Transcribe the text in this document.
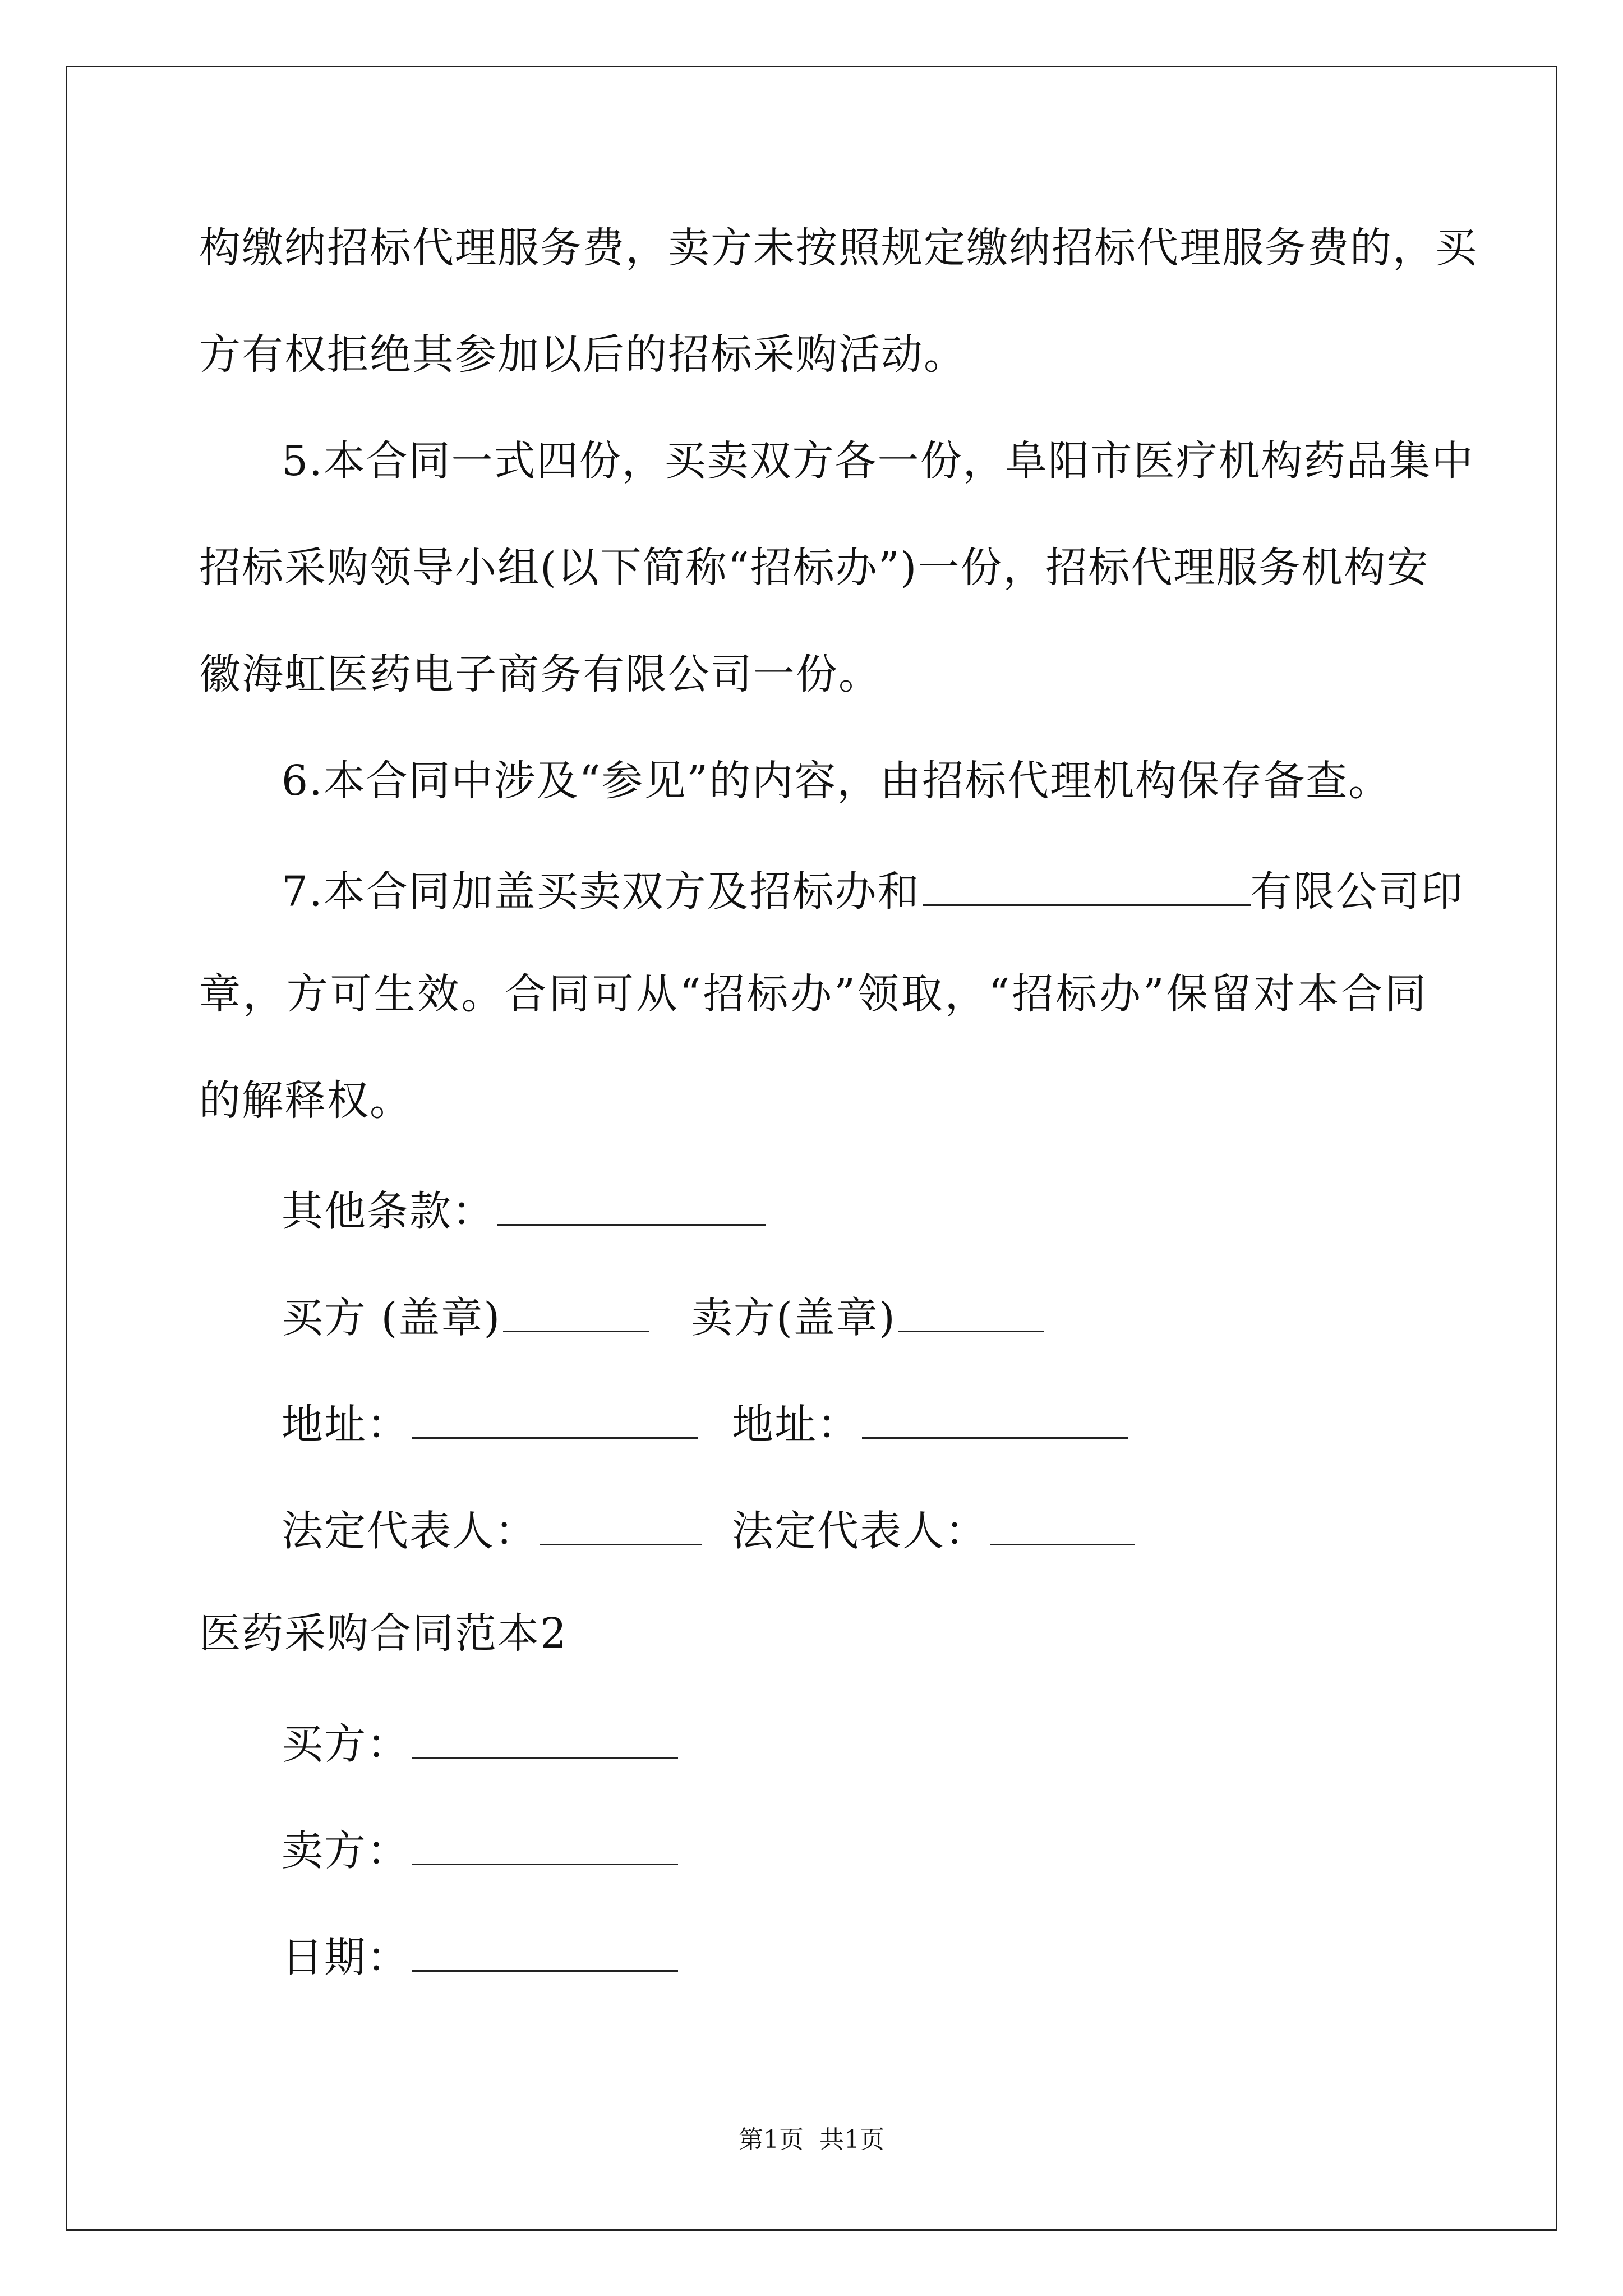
构缴纳招标代理服务费，卖方未按照规定缴纳招标代理服务费的，买
方有权拒绝其参加以后的招标采购活动。
5.本合同一式四份，买卖双方各一份，阜阳市医疗机构药品集中
招标采购领导小组(以下简称“招标办”)一份，招标代理服务机构安
徽海虹医药电子商务有限公司一份。
6.本合同中涉及“参见”的内容，由招标代理机构保存备查。
7.本合同加盖买卖双方及招标办和	有限公司印
章，方可生效。合同可从“招标办”领取，“招标办”保留对本合同
的解释权。
其他条款：
买方 (盖章)	卖方(盖章)
地址：	地址：
法定代表人：	法定代表人：
医药采购合同范本2
买方：
卖方：
日期：
第1页 共1页
